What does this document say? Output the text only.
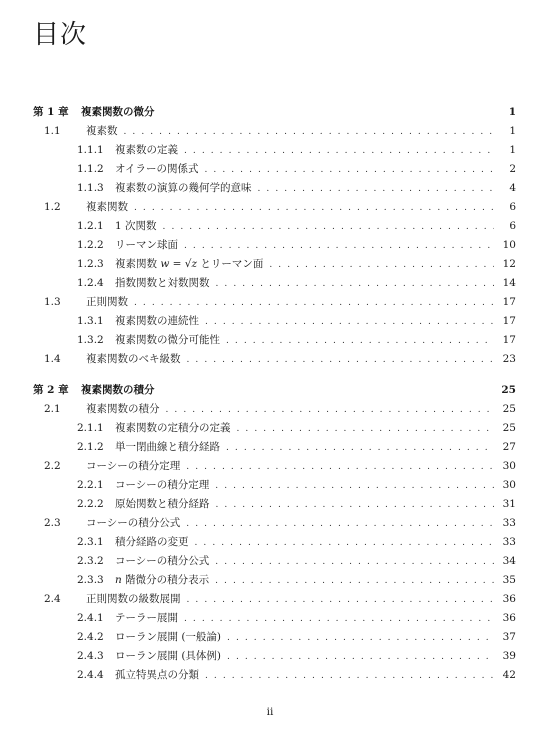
目次
第 1 章	複素関数の微分	1
1.1	複素数 . . .	1
1.1.1	複素数の定義 . . .	1
1.1.2	オイラーの関係式 . . .	2
1.1.3	複素数の演算の幾何学的意味 . . .	4
1.2	複素関数 . . .	6
1.2.1	1 次関数 . . .	6
1.2.2	リーマン球面 . . .	10
1.2.3	複素関数 w = √z とリーマン面 . . .	12
1.2.4	指数関数と対数関数 . . .	14
1.3	正則関数 . . .	17
1.3.1	複素関数の連続性 . . .	17
1.3.2	複素関数の微分可能性 . . .	17
1.4	複素関数のベキ級数 . . .	23
第 2 章	複素関数の積分	25
2.1	複素関数の積分 . . .	25
2.1.1	複素関数の定積分の定義 . . .	25
2.1.2	単一閉曲線と積分経路 . . .	27
2.2	コーシーの積分定理 . . .	30
2.2.1	コーシーの積分定理 . . .	30
2.2.2	原始関数と積分経路 . . .	31
2.3	コーシーの積分公式 . . .	33
2.3.1	積分経路の変更 . . .	33
2.3.2	コーシーの積分公式 . . .	34
2.3.3	n 階微分の積分表示 . . .	35
2.4	正則関数の級数展開 . . .	36
2.4.1	テーラー展開 . . .	36
2.4.2	ローラン展開 (一般論) . . .	37
2.4.3	ローラン展開 (具体例) . . .	39
2.4.4	孤立特異点の分類 . . .	42
ii
